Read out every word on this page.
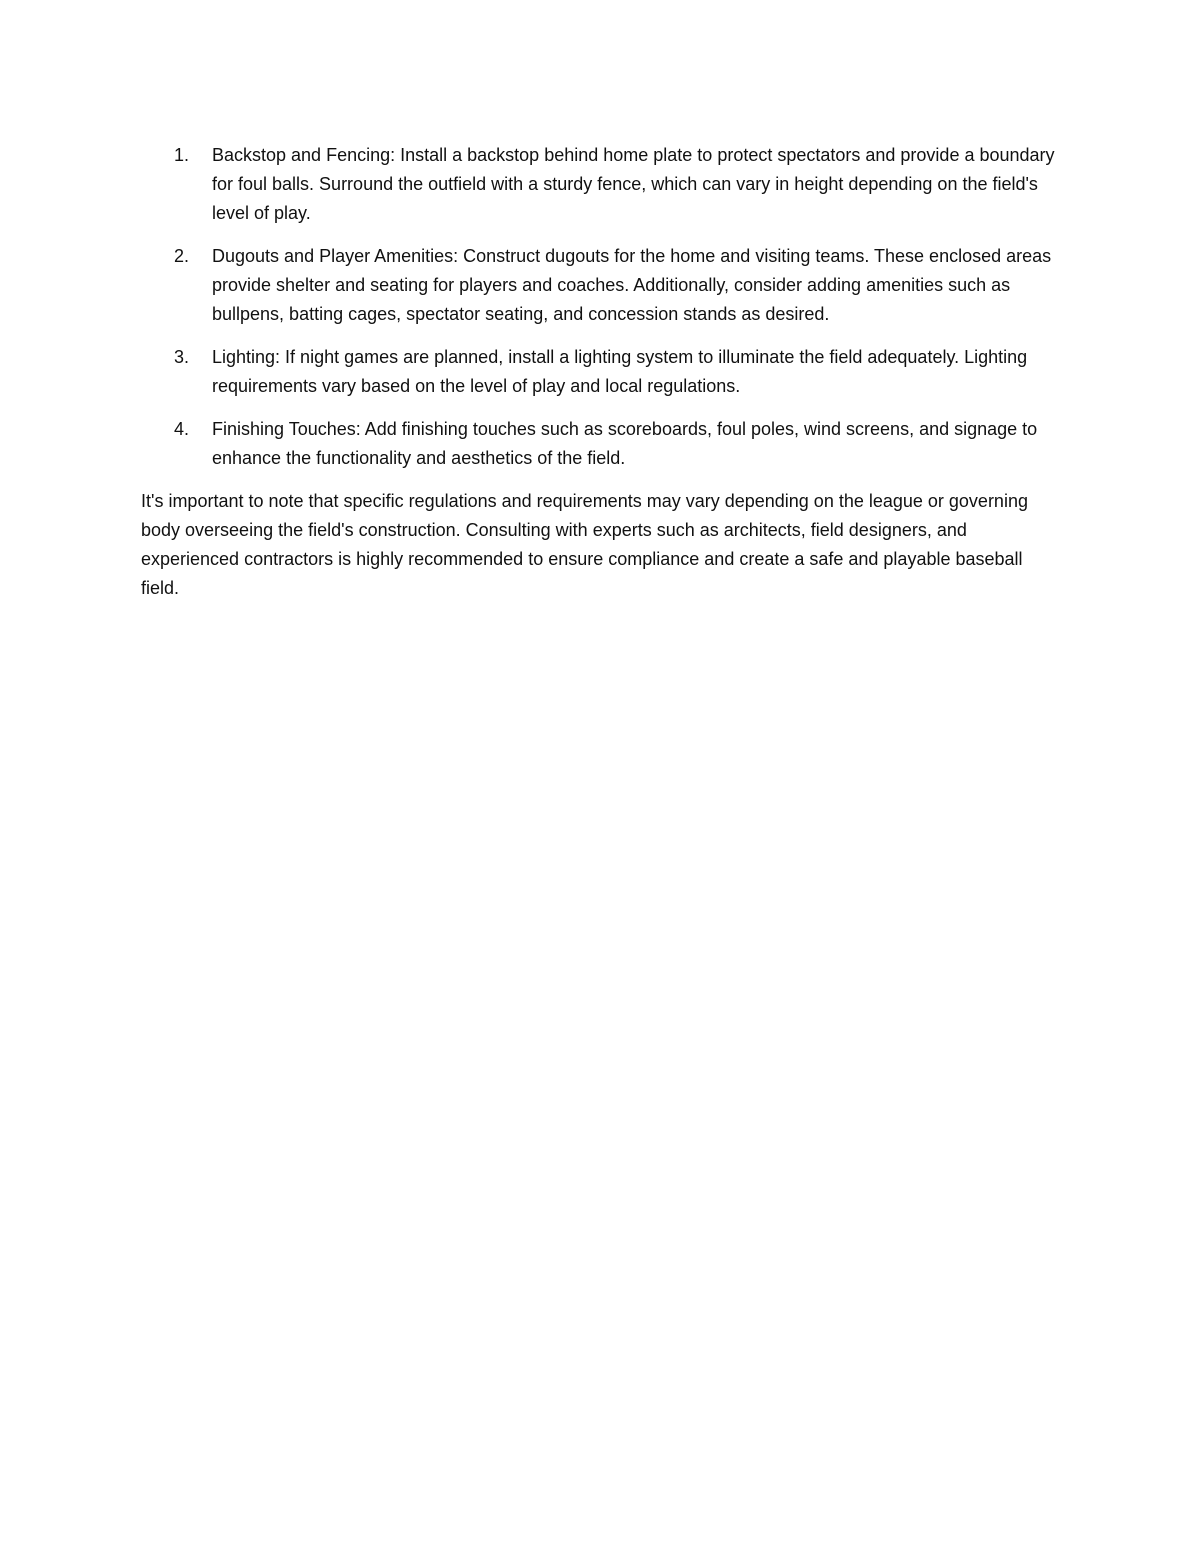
1. Backstop and Fencing: Install a backstop behind home plate to protect spectators and provide a boundary for foul balls. Surround the outfield with a sturdy fence, which can vary in height depending on the field's level of play.
2. Dugouts and Player Amenities: Construct dugouts for the home and visiting teams. These enclosed areas provide shelter and seating for players and coaches. Additionally, consider adding amenities such as bullpens, batting cages, spectator seating, and concession stands as desired.
3. Lighting: If night games are planned, install a lighting system to illuminate the field adequately. Lighting requirements vary based on the level of play and local regulations.
4. Finishing Touches: Add finishing touches such as scoreboards, foul poles, wind screens, and signage to enhance the functionality and aesthetics of the field.

It's important to note that specific regulations and requirements may vary depending on the league or governing body overseeing the field's construction. Consulting with experts such as architects, field designers, and experienced contractors is highly recommended to ensure compliance and create a safe and playable baseball field.
